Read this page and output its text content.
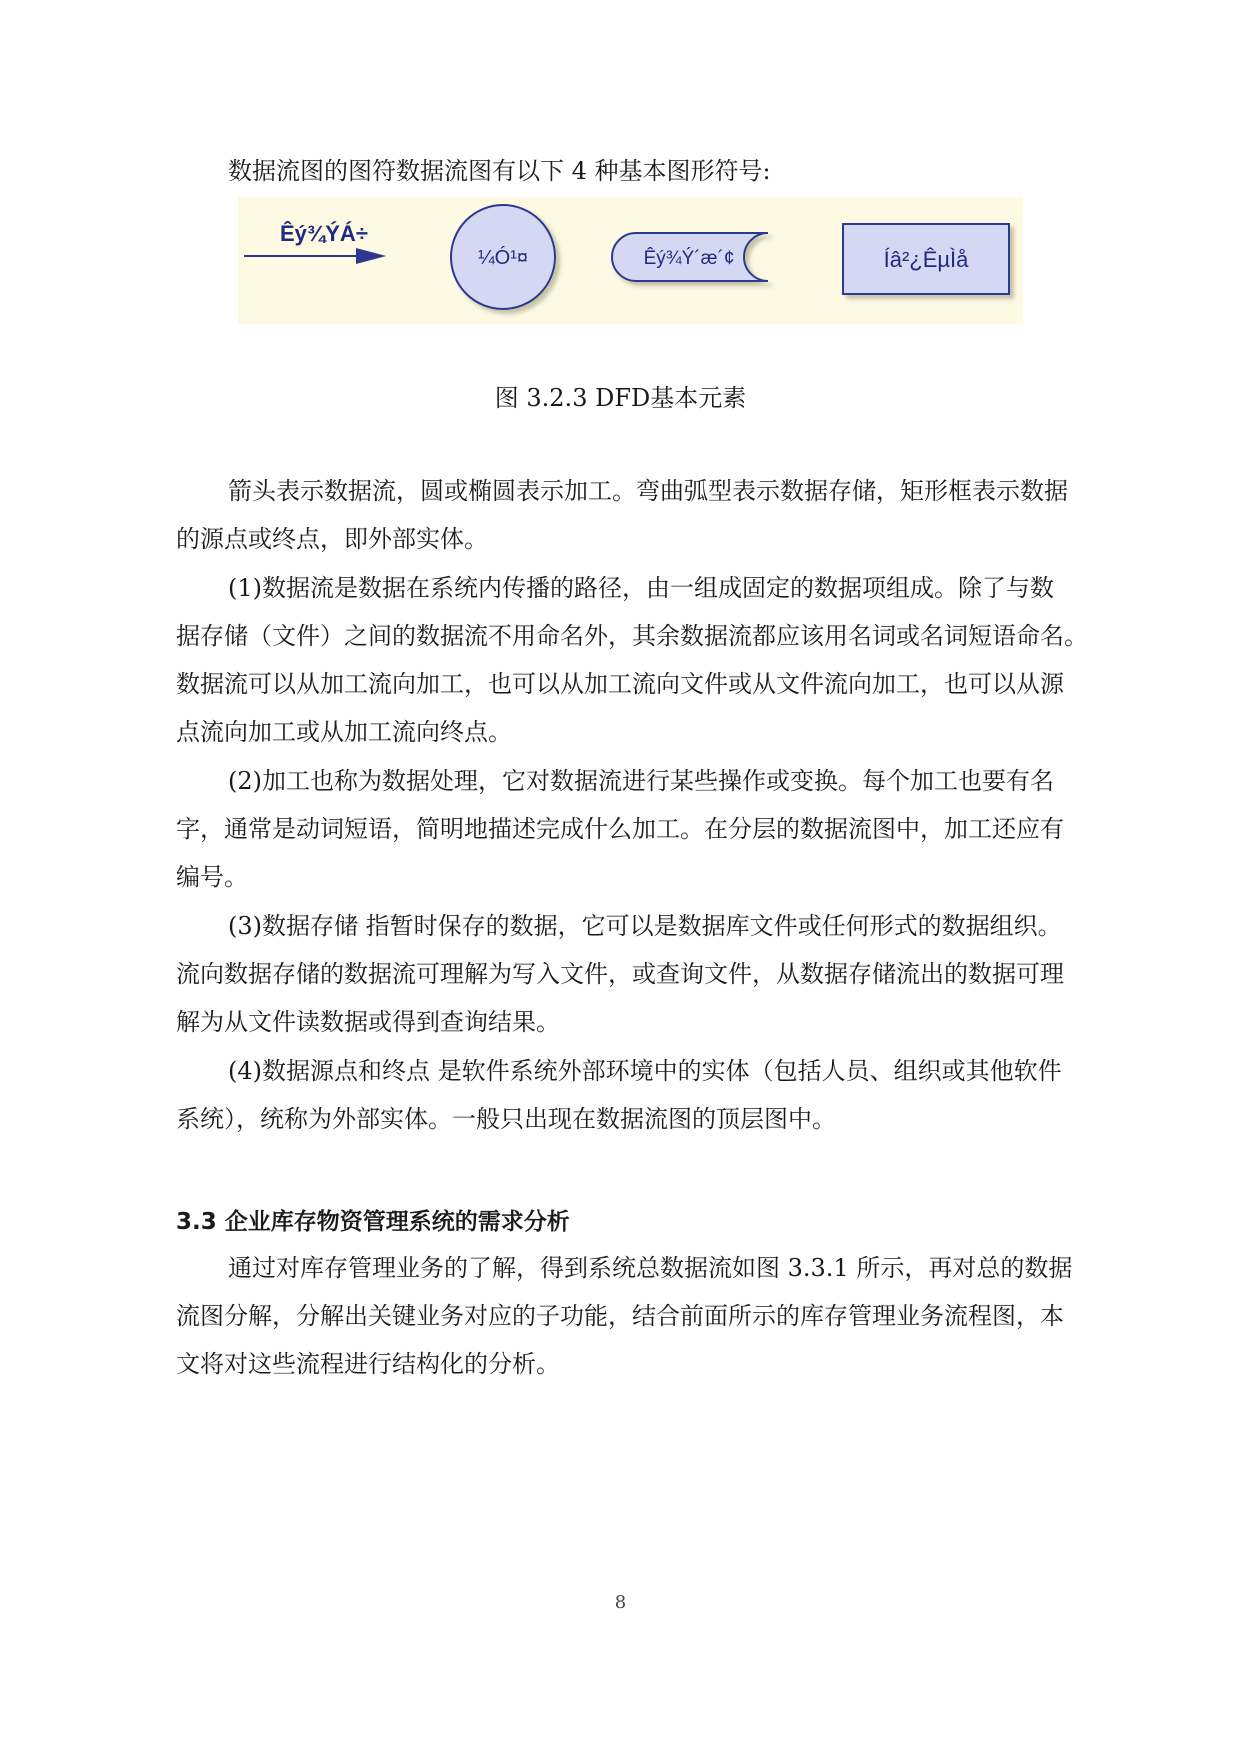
数据流图的图符数据流图有以下 4 种基本图形符号:
Êý¾ÝÁ÷
¼Ó¹¤	Êý¾Ý´æ´¢	Íâ²¿ÊµÌå
图 3.2.3 DFD基本元素
箭头表示数据流，圆或椭圆表示加工。弯曲弧型表示数据存储，矩形框表示数据
的源点或终点，即外部实体。
(1)数据流是数据在系统内传播的路径，由一组成固定的数据项组成。除了与数
据存储（文件）之间的数据流不用命名外，其余数据流都应该用名词或名词短语命名。
数据流可以从加工流向加工，也可以从加工流向文件或从文件流向加工，也可以从源
点流向加工或从加工流向终点。
(2)加工也称为数据处理，它对数据流进行某些操作或变换。每个加工也要有名
字，通常是动词短语，简明地描述完成什么加工。在分层的数据流图中，加工还应有
编号。
(3)数据存储 指暂时保存的数据，它可以是数据库文件或任何形式的数据组织。
流向数据存储的数据流可理解为写入文件，或查询文件，从数据存储流出的数据可理
解为从文件读数据或得到查询结果。
(4)数据源点和终点 是软件系统外部环境中的实体（包括人员、组织或其他软件
系统），统称为外部实体。一般只出现在数据流图的顶层图中。
3.3 企业库存物资管理系统的需求分析
通过对库存管理业务的了解，得到系统总数据流如图 3.3.1 所示，再对总的数据
流图分解，分解出关键业务对应的子功能，结合前面所示的库存管理业务流程图，本
文将对这些流程进行结构化的分析。
8
